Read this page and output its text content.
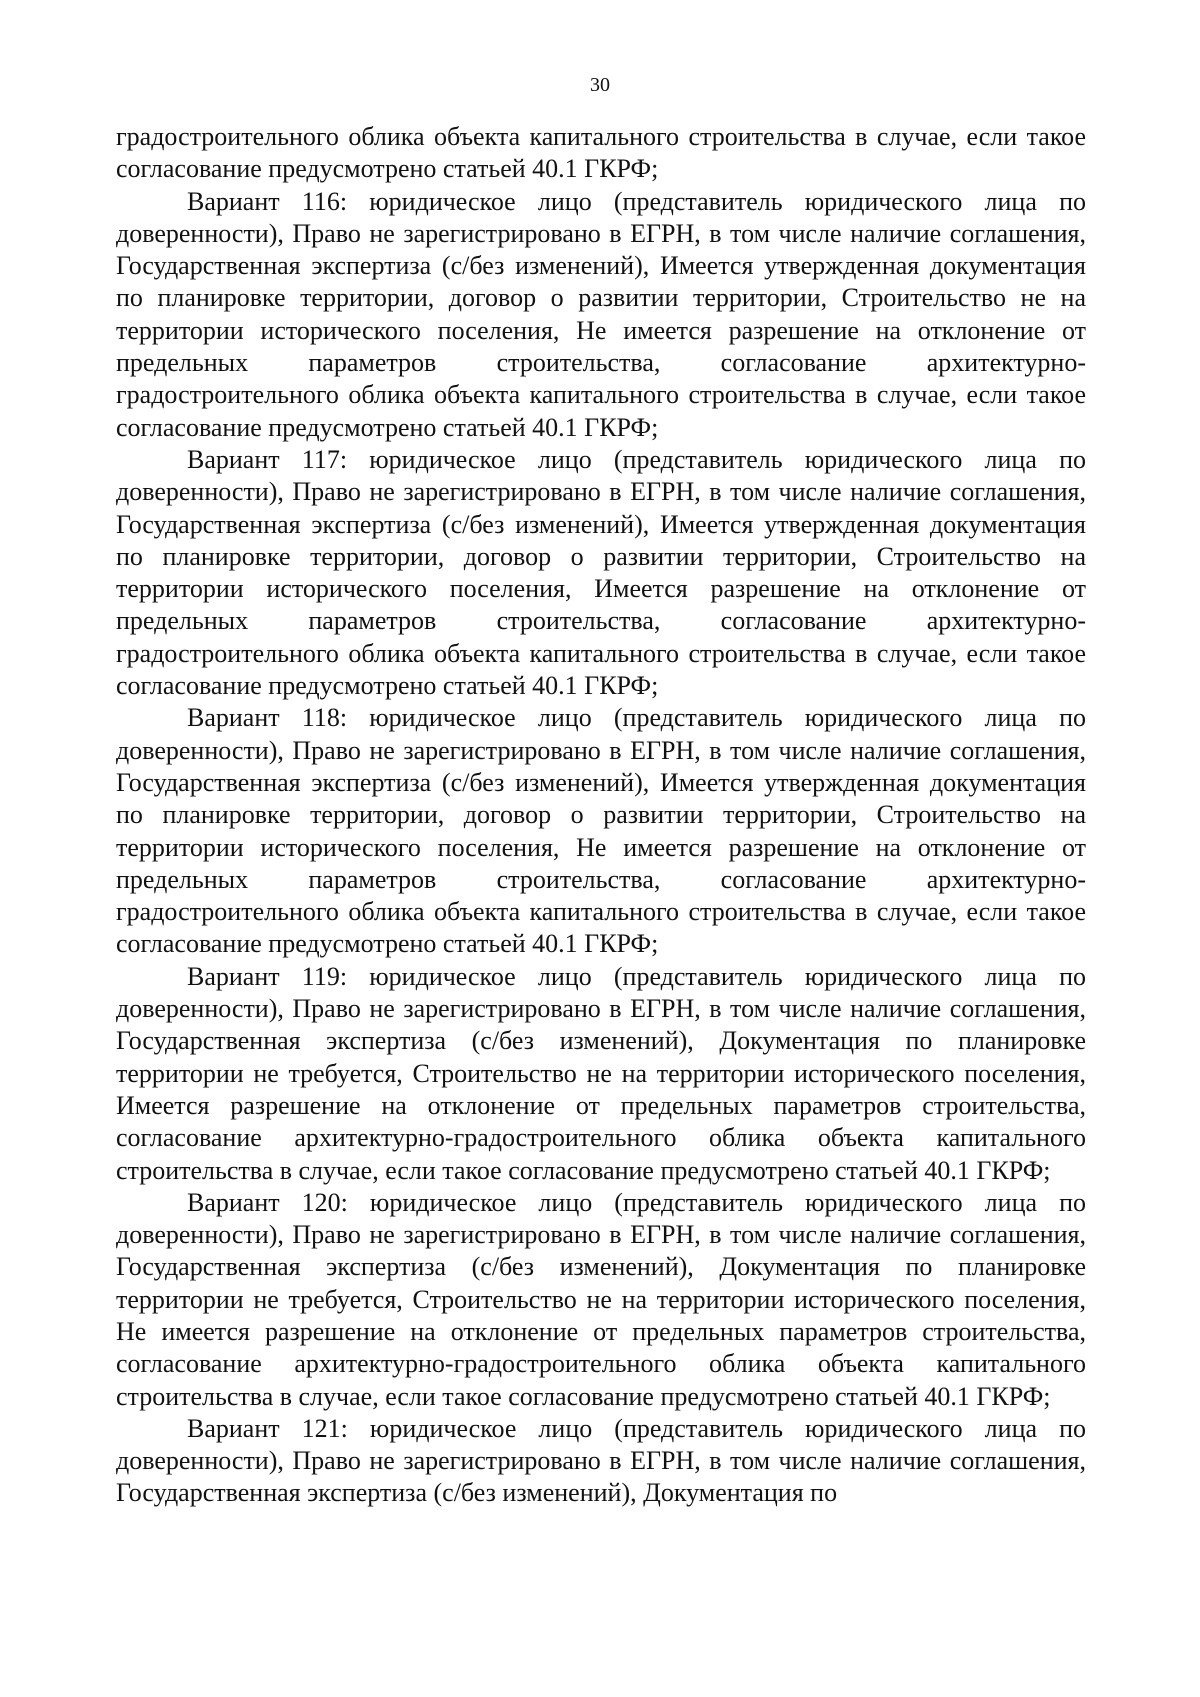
30

градостроительного облика объекта капитального строительства в случае, если такое согласование предусмотрено статьей 40.1 ГКРФ;

Вариант 116: юридическое лицо (представитель юридического лица по доверенности), Право не зарегистрировано в ЕГРН, в том числе наличие соглашения, Государственная экспертиза (с/без изменений), Имеется утвержденная документация по планировке территории, договор о развитии территории, Строительство не на территории исторического поселения, Не имеется разрешение на отклонение от предельных параметров строительства, согласование архитектурно-градостроительного облика объекта капитального строительства в случае, если такое согласование предусмотрено статьей 40.1 ГКРФ;

Вариант 117: юридическое лицо (представитель юридического лица по доверенности), Право не зарегистрировано в ЕГРН, в том числе наличие соглашения, Государственная экспертиза (с/без изменений), Имеется утвержденная документация по планировке территории, договор о развитии территории, Строительство на территории исторического поселения, Имеется разрешение на отклонение от предельных параметров строительства, согласование архитектурно-градостроительного облика объекта капитального строительства в случае, если такое согласование предусмотрено статьей 40.1 ГКРФ;

Вариант 118: юридическое лицо (представитель юридического лица по доверенности), Право не зарегистрировано в ЕГРН, в том числе наличие соглашения, Государственная экспертиза (с/без изменений), Имеется утвержденная документация по планировке территории, договор о развитии территории, Строительство на территории исторического поселения, Не имеется разрешение на отклонение от предельных параметров строительства, согласование архитектурно-градостроительного облика объекта капитального строительства в случае, если такое согласование предусмотрено статьей 40.1 ГКРФ;

Вариант 119: юридическое лицо (представитель юридического лица по доверенности), Право не зарегистрировано в ЕГРН, в том числе наличие соглашения, Государственная экспертиза (с/без изменений), Документация по планировке территории не требуется, Строительство не на территории исторического поселения, Имеется разрешение на отклонение от предельных параметров строительства, согласование архитектурно-градостроительного облика объекта капитального строительства в случае, если такое согласование предусмотрено статьей 40.1 ГКРФ;

Вариант 120: юридическое лицо (представитель юридического лица по доверенности), Право не зарегистрировано в ЕГРН, в том числе наличие соглашения, Государственная экспертиза (с/без изменений), Документация по планировке территории не требуется, Строительство не на территории исторического поселения, Не имеется разрешение на отклонение от предельных параметров строительства, согласование архитектурно-градостроительного облика объекта капитального строительства в случае, если такое согласование предусмотрено статьей 40.1 ГКРФ;

Вариант 121: юридическое лицо (представитель юридического лица по доверенности), Право не зарегистрировано в ЕГРН, в том числе наличие соглашения, Государственная экспертиза (с/без изменений), Документация по
